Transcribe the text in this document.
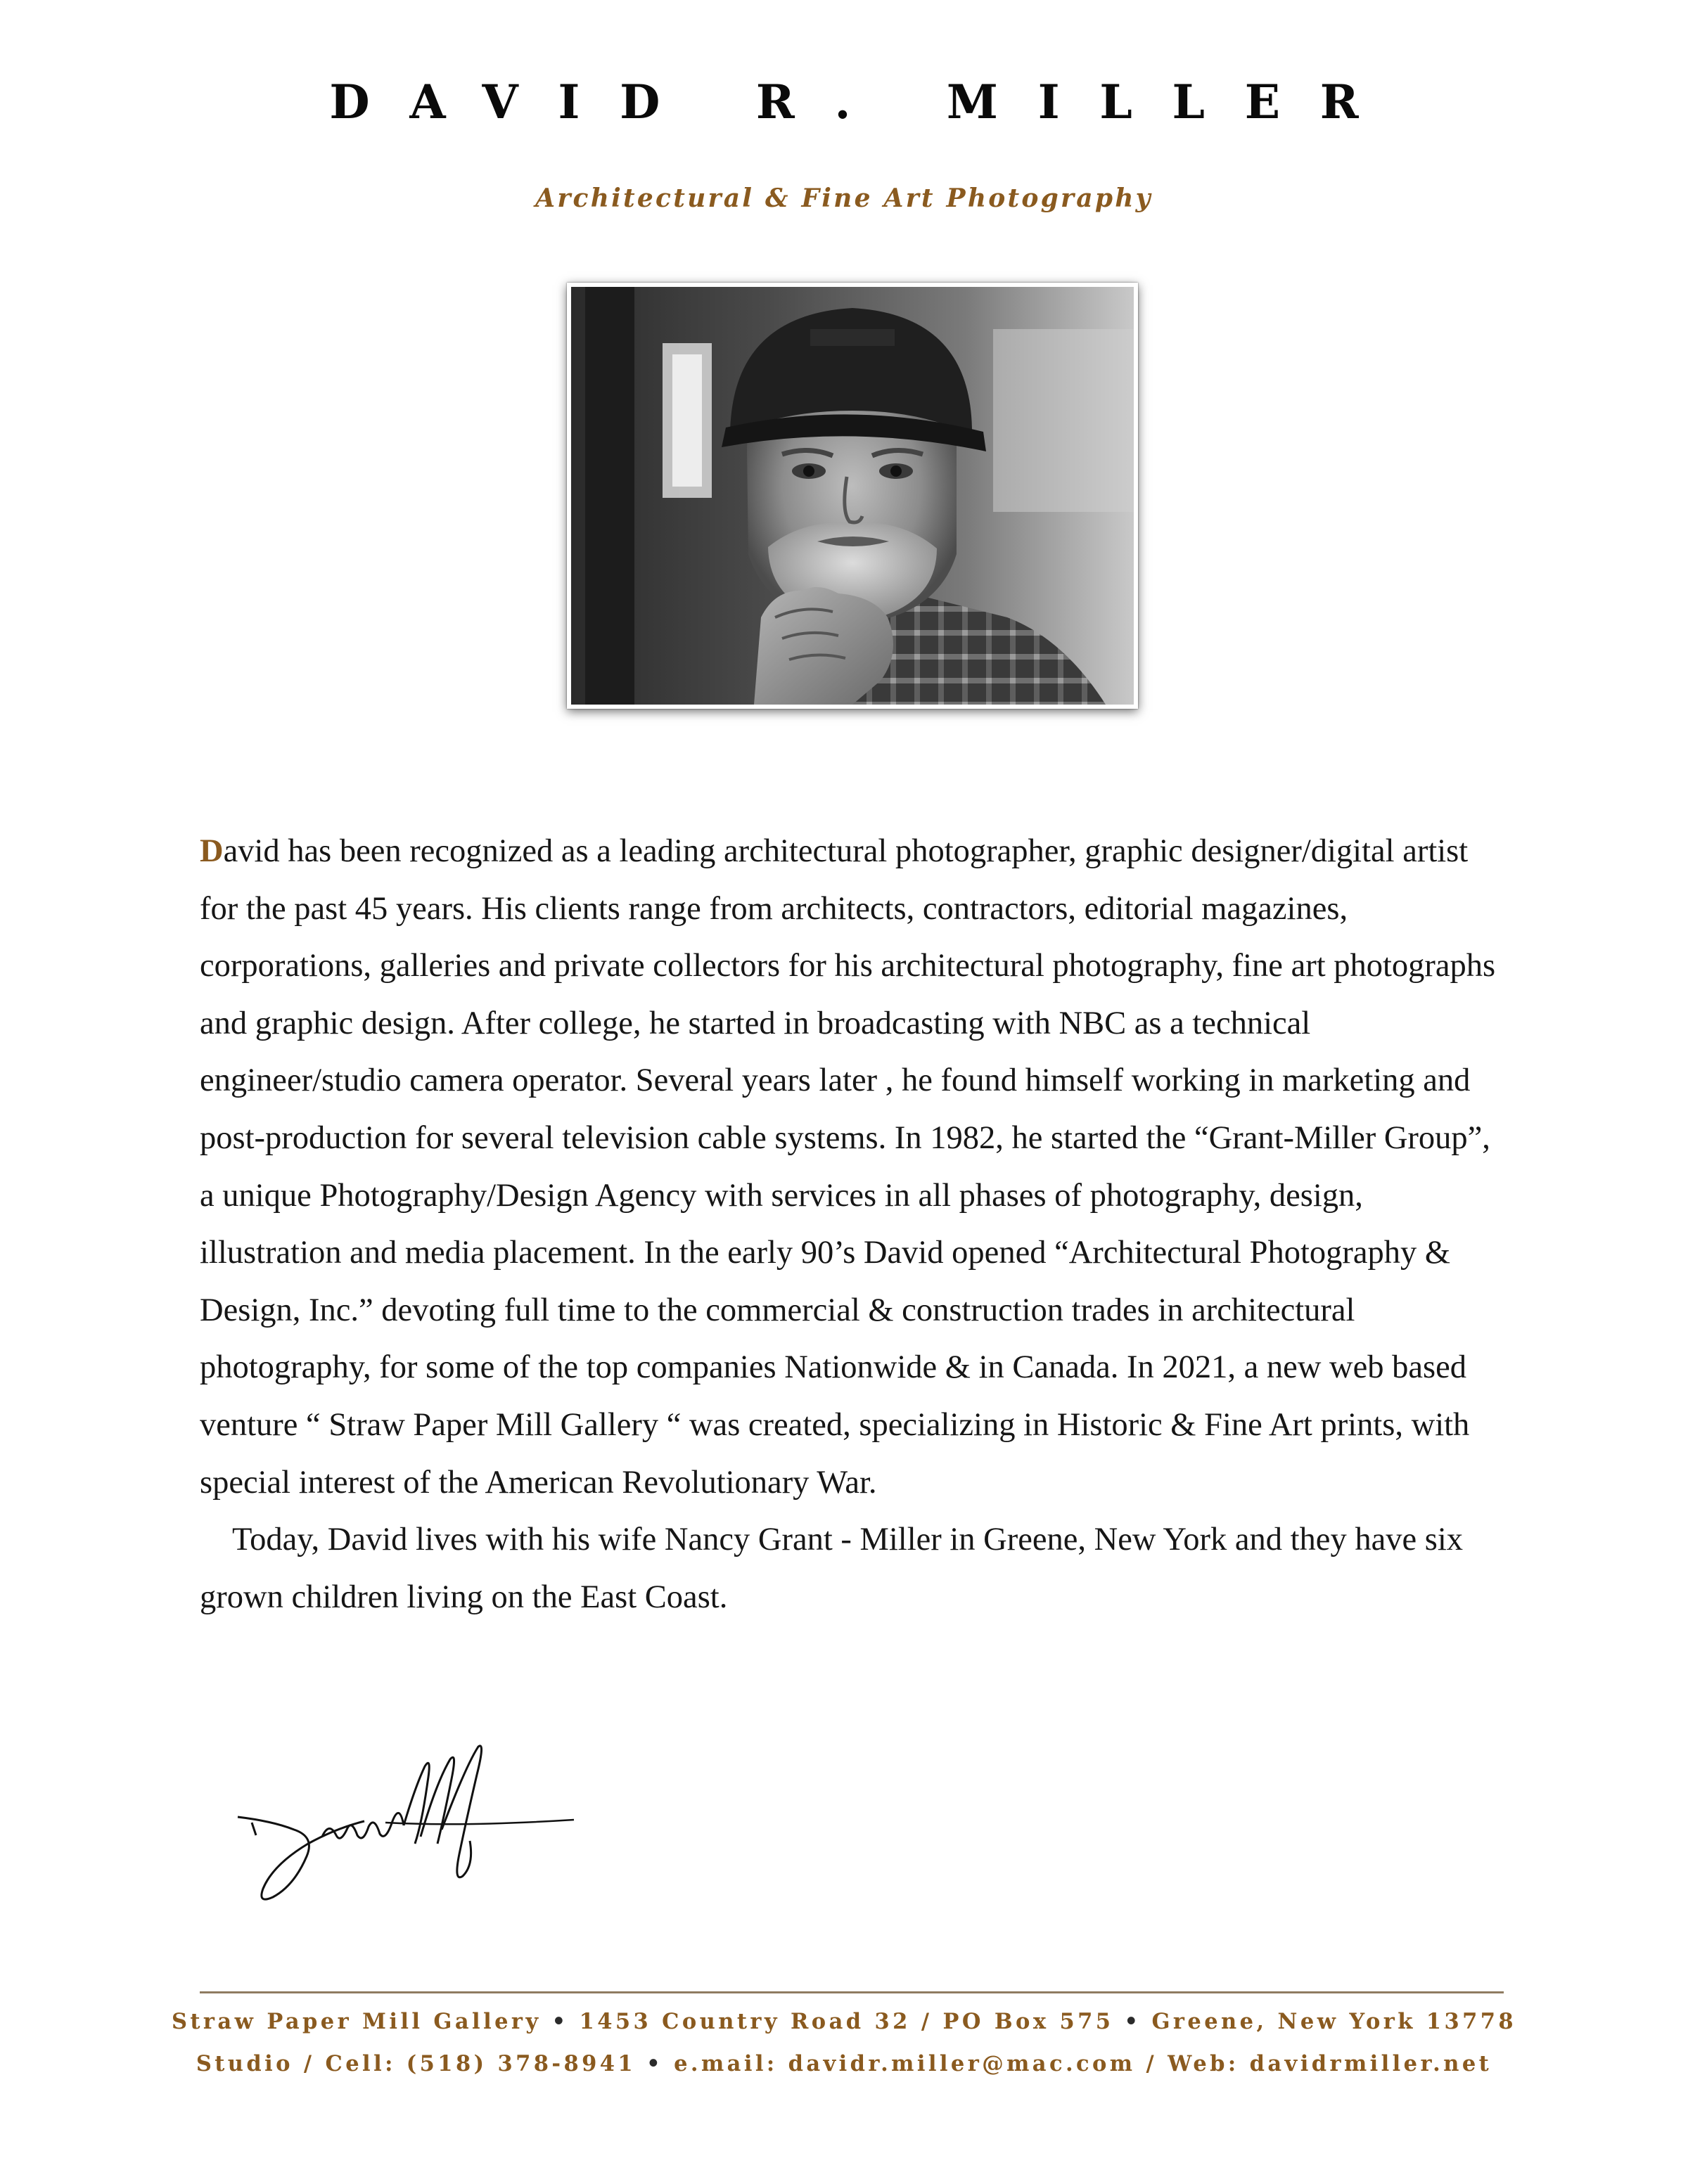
DAVID R. MILLER
Architectural & Fine Art Photography

David has been recognized as a leading architectural photographer, graphic designer/digital artist for the past 45 years. His clients range from architects, contractors, editorial magazines, corporations, galleries and private collectors for his architectural photography, fine art photographs and graphic design. After college, he started in broadcasting with NBC as a technical engineer/studio camera operator. Several years later , he found himself working in marketing and post-production for several television cable systems. In 1982, he started the “Grant-Miller Group”, a unique Photography/Design Agency with services in all phases of photography, design, illustration and media placement. In the early 90’s David opened “Architectural Photography & Design, Inc.” devoting full time to the commercial & construction trades in architectural photography, for some of the top companies Nationwide & in Canada. In 2021, a new web based venture “ Straw Paper Mill Gallery “ was created, specializing in Historic & Fine Art prints, with special interest of the American Revolutionary War.

Today, David lives with his wife Nancy Grant - Miller in Greene, New York and they have six grown children living on the East Coast.

Straw Paper Mill Gallery • 1453 Country Road 32 / PO Box 575 • Greene, New York 13778
Studio / Cell: (518) 378-8941 • e.mail: davidr.miller@mac.com / Web: davidrmiller.net
